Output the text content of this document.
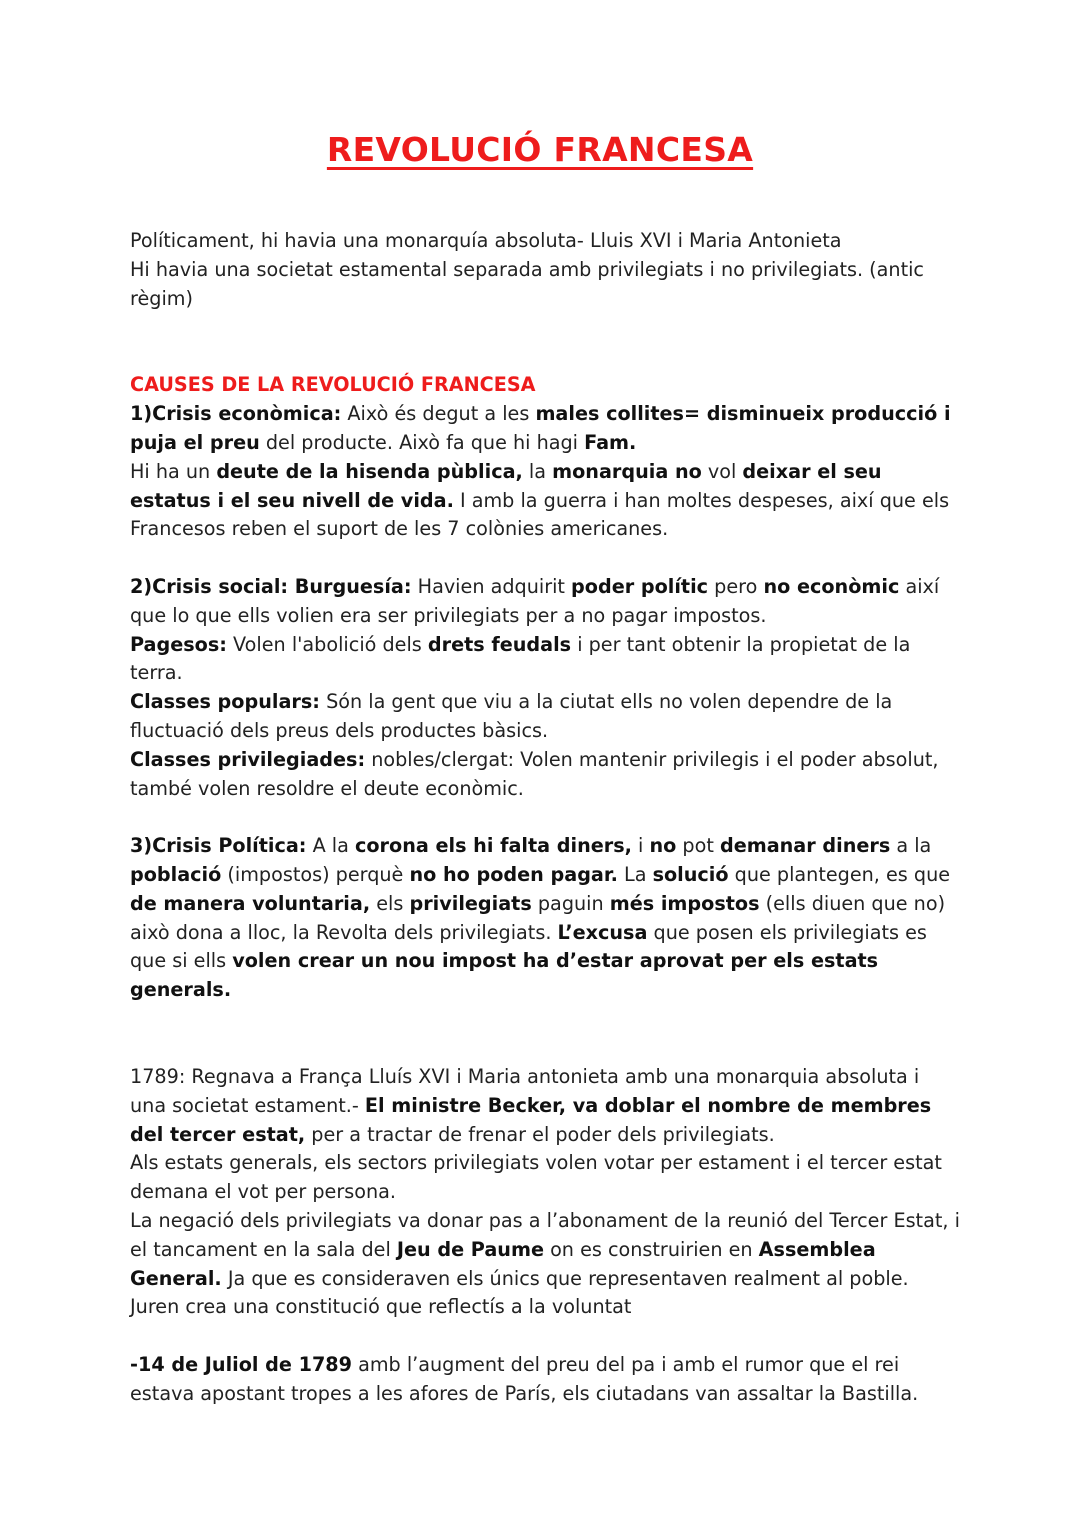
REVOLUCIÓ FRANCESA

Políticament, hi havia una monarquía absoluta- Lluis XVI i Maria Antonieta

Hi havia una societat estamental separada amb privilegiats i no privilegiats. (antic règim)

CAUSES DE LA REVOLUCIÓ FRANCESA

1)Crisis econòmica: Això és degut a les males collites= disminueix producció i puja el preu del producte. Això fa que hi hagi Fam.

Hi ha un deute de la hisenda pùblica, la monarquia no vol deixar el seu estatus i el seu nivell de vida. I amb la guerra i han moltes despeses, així que els Francesos reben el suport de les 7 colònies americanes.

2)Crisis social: Burguesía: Havien adquirit poder polític pero no econòmic així que lo que ells volien era ser privilegiats per a no pagar impostos.

Pagesos: Volen l'abolició dels drets feudals i per tant obtenir la propietat de la terra.

Classes populars: Són la gent que viu a la ciutat ells no volen dependre de la fluctuació dels preus dels productes bàsics.

Classes privilegiades: nobles/clergat: Volen mantenir privilegis i el poder absolut, també volen resoldre el deute econòmic.

3)Crisis Política: A la corona els hi falta diners, i no pot demanar diners a la població (impostos) perquè no ho poden pagar. La solució que plantegen, es que de manera voluntaria, els privilegiats paguin més impostos (ells diuen que no) això dona a lloc, la Revolta dels privilegiats. L’excusa que posen els privilegiats es que si ells volen crear un nou impost ha d’estar aprovat per els estats generals.

1789: Regnava a França Lluís XVI i Maria antonieta amb una monarquia absoluta i una societat estament.- El ministre Becker, va doblar el nombre de membres del tercer estat, per a tractar de frenar el poder dels privilegiats.

Als estats generals, els sectors privilegiats volen votar per estament i el tercer estat demana el vot per persona.

La negació dels privilegiats va donar pas a l’abonament de la reunió del Tercer Estat, i el tancament en la sala del Jeu de Paume on es construirien en Assemblea General. Ja que es consideraven els únics que representaven realment al poble.

Juren crea una constitució que reflectís a la voluntat

-14 de Juliol de 1789 amb l’augment del preu del pa i amb el rumor que el rei estava apostant tropes a les afores de París, els ciutadans van assaltar la Bastilla.
